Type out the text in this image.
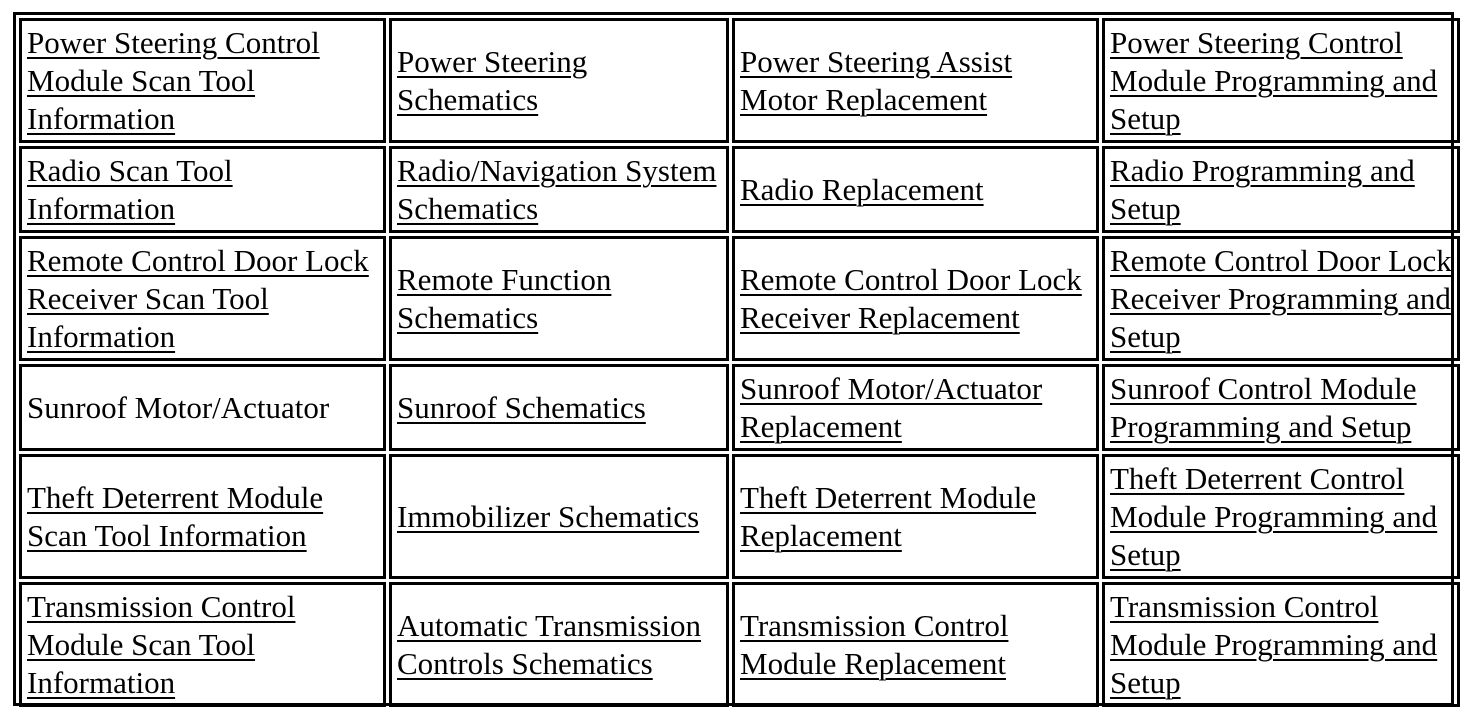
Power Steering Control Module Scan Tool Information	Power Steering Schematics	Power Steering Assist Motor Replacement	Power Steering Control Module Programming and Setup
Radio Scan Tool Information	Radio/Navigation System Schematics	Radio Replacement	Radio Programming and Setup
Remote Control Door Lock Receiver Scan Tool Information	Remote Function Schematics	Remote Control Door Lock Receiver Replacement	Remote Control Door Lock Receiver Programming and Setup
Sunroof Motor/Actuator	Sunroof Schematics	Sunroof Motor/Actuator Replacement	Sunroof Control Module Programming and Setup
Theft Deterrent Module Scan Tool Information	Immobilizer Schematics	Theft Deterrent Module Replacement	Theft Deterrent Control Module Programming and Setup
Transmission Control Module Scan Tool Information	Automatic Transmission Controls Schematics	Transmission Control Module Replacement	Transmission Control Module Programming and Setup
